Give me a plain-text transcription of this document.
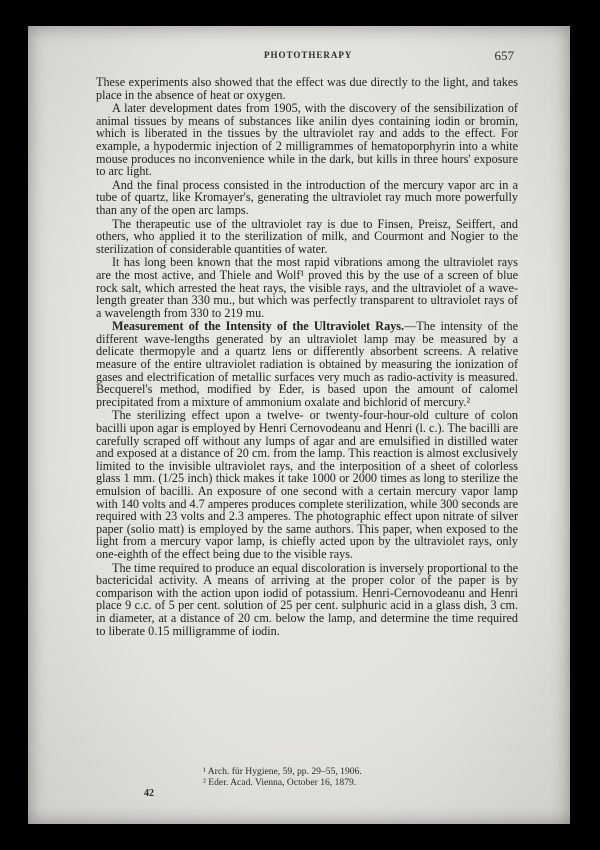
PHOTOTHERAPY	657

These experiments also showed that the effect was due directly to the light, and takes place in the absence of heat or oxygen.

A later development dates from 1905, with the discovery of the sensibilization of animal tissues by means of substances like anilin dyes containing iodin or bromin, which is liberated in the tissues by the ultraviolet ray and adds to the effect. For example, a hypodermic injection of 2 milligrammes of hematoporphyrin into a white mouse produces no inconvenience while in the dark, but kills in three hours' exposure to arc light.

And the final process consisted in the introduction of the mercury vapor arc in a tube of quartz, like Kromayer's, generating the ultraviolet ray much more powerfully than any of the open arc lamps.

The therapeutic use of the ultraviolet ray is due to Finsen, Preisz, Seiffert, and others, who applied it to the sterilization of milk, and Courmont and Nogier to the sterilization of considerable quantities of water.

It has long been known that the most rapid vibrations among the ultraviolet rays are the most active, and Thiele and Wolf¹ proved this by the use of a screen of blue rock salt, which arrested the heat rays, the visible rays, and the ultraviolet of a wave-length greater than 330 mu., but which was perfectly transparent to ultraviolet rays of a wavelength from 330 to 219 mu.

Measurement of the Intensity of the Ultraviolet Rays.—The intensity of the different wave-lengths generated by an ultraviolet lamp may be measured by a delicate thermopyle and a quartz lens or differently absorbent screens. A relative measure of the entire ultraviolet radiation is obtained by measuring the ionization of gases and electrification of metallic surfaces very much as radio-activity is measured. Becquerel's method, modified by Eder, is based upon the amount of calomel precipitated from a mixture of ammonium oxalate and bichlorid of mercury.²

The sterilizing effect upon a twelve- or twenty-four-hour-old culture of colon bacilli upon agar is employed by Henri Cernovodeanu and Henri (l. c.). The bacilli are carefully scraped off without any lumps of agar and are emulsified in distilled water and exposed at a distance of 20 cm. from the lamp. This reaction is almost exclusively limited to the invisible ultraviolet rays, and the interposition of a sheet of colorless glass 1 mm. (1/25 inch) thick makes it take 1000 or 2000 times as long to sterilize the emulsion of bacilli. An exposure of one second with a certain mercury vapor lamp with 140 volts and 4.7 amperes produces complete sterilization, while 300 seconds are required with 23 volts and 2.3 amperes. The photographic effect upon nitrate of silver paper (solio matt) is employed by the same authors. This paper, when exposed to the light from a mercury vapor lamp, is chiefly acted upon by the ultraviolet rays, only one-eighth of the effect being due to the visible rays.

The time required to produce an equal discoloration is inversely proportional to the bactericidal activity. A means of arriving at the proper color of the paper is by comparison with the action upon iodid of potassium. Henri-Cernovodeanu and Henri place 9 c.c. of 5 per cent. solution of 25 per cent. sulphuric acid in a glass dish, 3 cm. in diameter, at a distance of 20 cm. below the lamp, and determine the time required to liberate 0.15 milligramme of iodin.

¹ Arch. für Hygiene, 59, pp. 29–55, 1906.
² Eder. Acad. Vienna, October 16, 1879.
42
